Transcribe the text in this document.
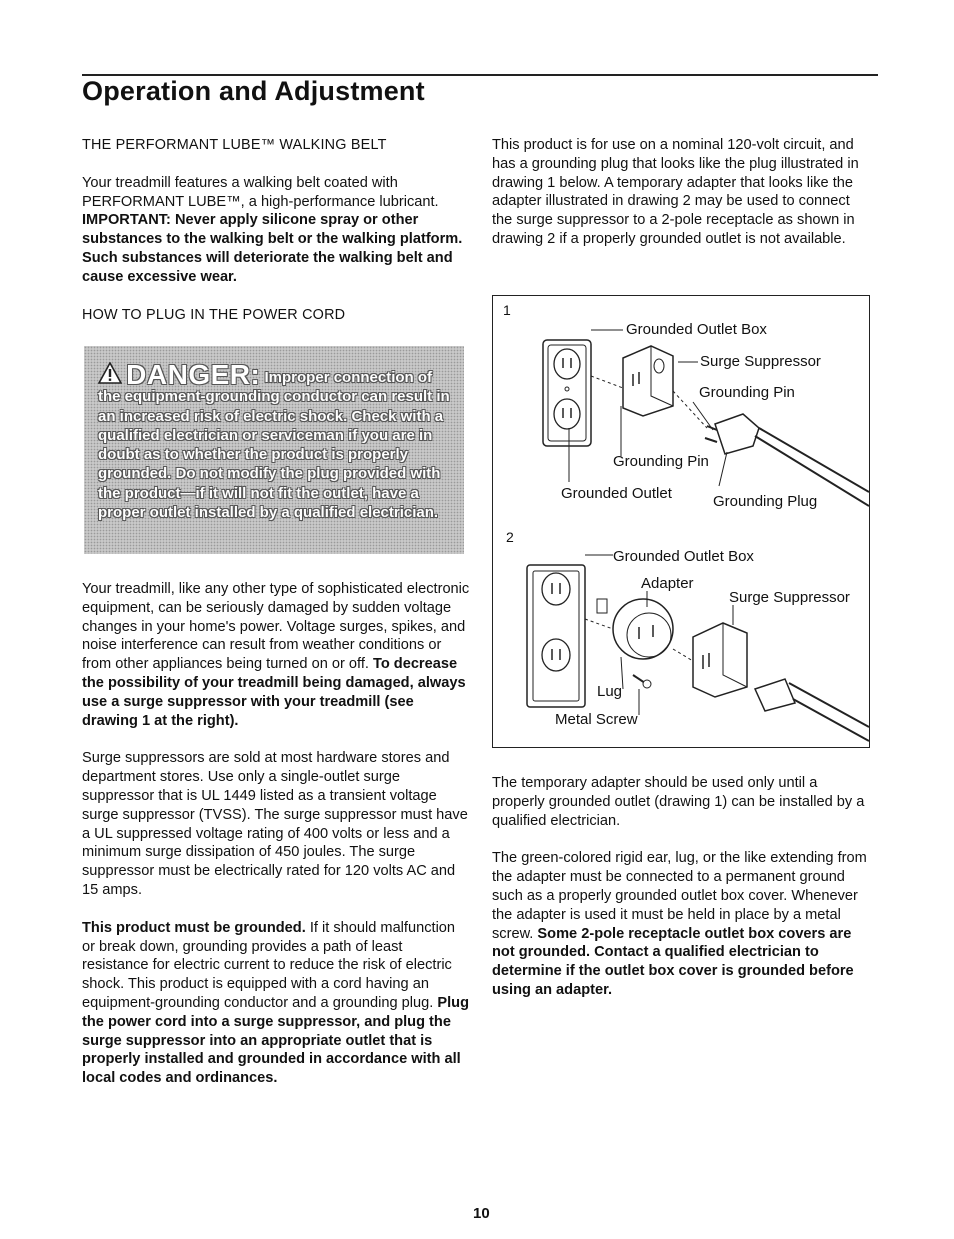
Operation and Adjustment

THE PERFORMANT LUBE™ WALKING BELT

Your treadmill features a walking belt coated with PERFORMANT LUBE™, a high-performance lubricant. IMPORTANT: Never apply silicone spray or other substances to the walking belt or the walking platform. Such substances will deteriorate the walking belt and cause excessive wear.

HOW TO PLUG IN THE POWER CORD

DANGER: Improper connection of the equipment-grounding conductor can result in an increased risk of electric shock. Check with a qualified electrician or serviceman if you are in doubt as to whether the product is properly grounded. Do not modify the plug provided with the product—if it will not fit the outlet, have a proper outlet installed by a qualified electrician.

Your treadmill, like any other type of sophisticated electronic equipment, can be seriously damaged by sudden voltage changes in your home's power. Voltage surges, spikes, and noise interference can result from weather conditions or from other appliances being turned on or off. To decrease the possibility of your treadmill being damaged, always use a surge suppressor with your treadmill (see drawing 1 at the right).

Surge suppressors are sold at most hardware stores and department stores. Use only a single-outlet surge suppressor that is UL 1449 listed as a transient voltage surge suppressor (TVSS). The surge suppressor must have a UL suppressed voltage rating of 400 volts or less and a minimum surge dissipation of 450 joules. The surge suppressor must be electrically rated for 120 volts AC and 15 amps.

This product must be grounded. If it should malfunction or break down, grounding provides a path of least resistance for electric current to reduce the risk of electric shock. This product is equipped with a cord having an equipment-grounding conductor and a grounding plug. Plug the power cord into a surge suppressor, and plug the surge suppressor into an appropriate outlet that is properly installed and grounded in accordance with all local codes and ordinances.

This product is for use on a nominal 120-volt circuit, and has a grounding plug that looks like the plug illustrated in drawing 1 below. A temporary adapter that looks like the adapter illustrated in drawing 2 may be used to connect the surge suppressor to a 2-pole receptacle as shown in drawing 2 if a properly grounded outlet is not available.

1
Grounded Outlet Box
Surge Suppressor
Grounding Pin
Grounding Pin
Grounded Outlet	Grounding Plug
2
Grounded Outlet Box
Adapter
Surge Suppressor
Lug
Metal Screw

The temporary adapter should be used only until a properly grounded outlet (drawing 1) can be installed by a qualified electrician.

The green-colored rigid ear, lug, or the like extending from the adapter must be connected to a permanent ground such as a properly grounded outlet box cover. Whenever the adapter is used it must be held in place by a metal screw. Some 2-pole receptacle outlet box covers are not grounded. Contact a qualified electrician to determine if the outlet box cover is grounded before using an adapter.

10
